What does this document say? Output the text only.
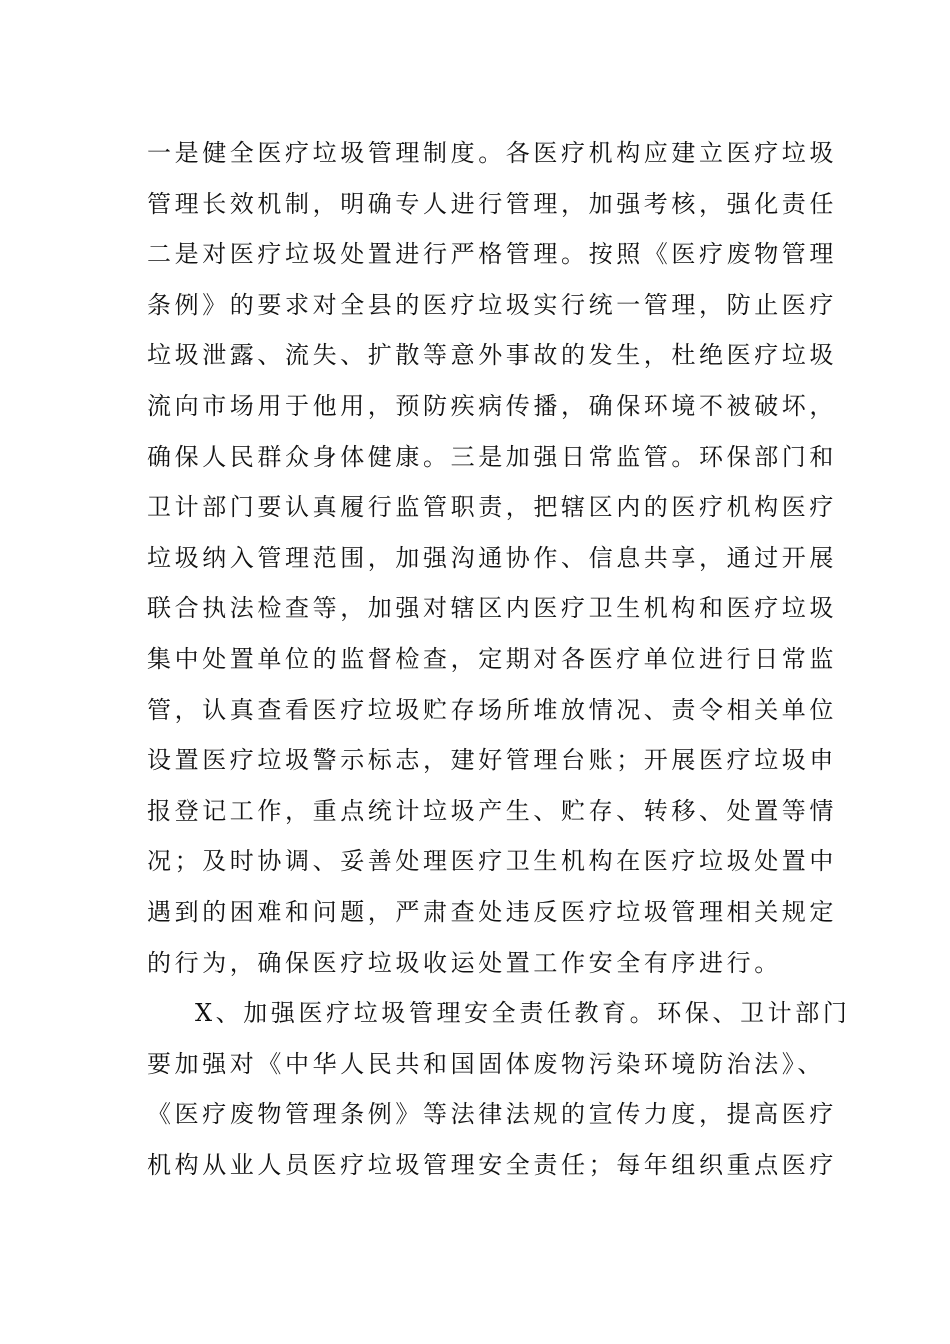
一是健全医疗垃圾管理制度。各医疗机构应建立医疗垃圾
管理长效机制，明确专人进行管理，加强考核，强化责任
二是对医疗垃圾处置进行严格管理。按照《医疗废物管理
条例》的要求对全县的医疗垃圾实行统一管理，防止医疗
垃圾泄露、流失、扩散等意外事故的发生，杜绝医疗垃圾
流向市场用于他用，预防疾病传播，确保环境不被破坏，
确保人民群众身体健康。三是加强日常监管。环保部门和
卫计部门要认真履行监管职责，把辖区内的医疗机构医疗
垃圾纳入管理范围，加强沟通协作、信息共享，通过开展
联合执法检查等，加强对辖区内医疗卫生机构和医疗垃圾
集中处置单位的监督检查，定期对各医疗单位进行日常监
管，认真查看医疗垃圾贮存场所堆放情况、责令相关单位
设置医疗垃圾警示标志，建好管理台账；开展医疗垃圾申
报登记工作，重点统计垃圾产生、贮存、转移、处置等情
况；及时协调、妥善处理医疗卫生机构在医疗垃圾处置中
遇到的困难和问题，严肃查处违反医疗垃圾管理相关规定
的行为，确保医疗垃圾收运处置工作安全有序进行。
X、加强医疗垃圾管理安全责任教育。环保、卫计部门
要加强对《中华人民共和国固体废物污染环境防治法》、
《医疗废物管理条例》等法律法规的宣传力度，提高医疗
机构从业人员医疗垃圾管理安全责任；每年组织重点医疗
